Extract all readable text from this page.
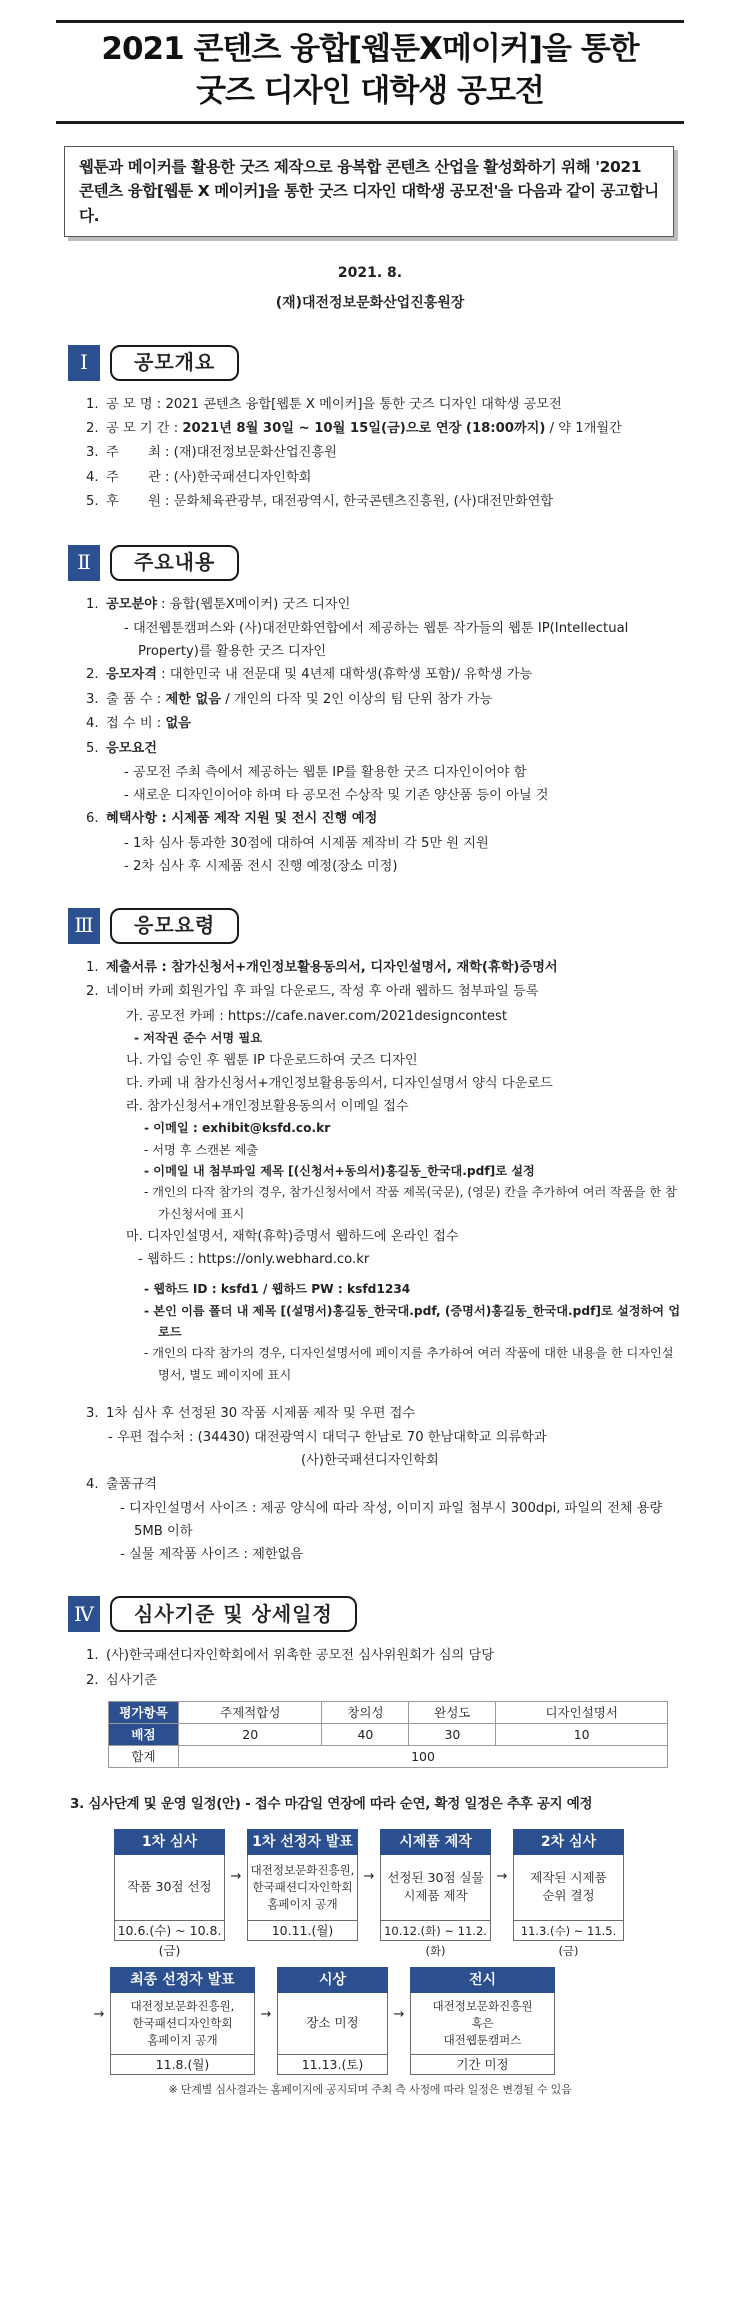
2021 콘텐츠 융합[웹툰X메이커]을 통한
굿즈 디자인 대학생 공모전
웹툰과 메이커를 활용한 굿즈 제작으로 융복합 콘텐츠 산업을 활성화하기 위해 '2021 콘텐츠 융합[웹툰 X 메이커]을 통한 굿즈 디자인 대학생 공모전'을 다음과 같이 공고합니다.
2021. 8.
(재)대전정보문화산업진흥원장
Ⅰ	공모개요
1. 공 모 명 : 2021 콘텐츠 융합[웹툰 X 메이커]을 통한 굿즈 디자인 대학생 공모전
2. 공 모 기 간 : 2021년 8월 30일 ~ 10월 15일(금)으로 연장 (18:00까지) / 약 1개월간
3. 주       최 : (재)대전정보문화산업진흥원
4. 주       관 : (사)한국패션디자인학회
5. 후       원 : 문화체육관광부, 대전광역시, 한국콘텐츠진흥원, (사)대전만화연합
Ⅱ	주요내용
1. 공모분야 : 융합(웹툰X메이커) 굿즈 디자인
- 대전웹툰캠퍼스와 (사)대전만화연합에서 제공하는 웹툰 작가들의 웹툰 IP(Intellectual Property)를 활용한 굿즈 디자인
2. 응모자격 : 대한민국 내 전문대 및 4년제 대학생(휴학생 포함)/ 유학생 가능
3. 출 품 수 : 제한 없음 / 개인의 다작 및 2인 이상의 팀 단위 참가 가능
4. 접 수 비 : 없음
5. 응모요건
- 공모전 주최 측에서 제공하는 웹툰 IP를 활용한 굿즈 디자인이어야 함
- 새로운 디자인이어야 하며 타 공모전 수상작 및 기존 양산품 등이 아닐 것
6. 혜택사항 : 시제품 제작 지원 및 전시 진행 예정
- 1차 심사 통과한 30점에 대하여 시제품 제작비 각 5만 원 지원
- 2차 심사 후 시제품 전시 진행 예정(장소 미정)
Ⅲ	응모요령
1. 제출서류 : 참가신청서+개인정보활용동의서, 디자인설명서, 재학(휴학)증명서
2. 네이버 카페 회원가입 후 파일 다운로드, 작성 후 아래 웹하드 첨부파일 등록
가. 공모전 카페 : https://cafe.naver.com/2021designcontest
- 저작권 준수 서명 필요
나. 가입 승인 후 웹툰 IP 다운로드하여 굿즈 디자인
다. 카페 내 참가신청서+개인정보활용동의서, 디자인설명서 양식 다운로드
라. 참가신청서+개인정보활용동의서 이메일 접수
- 이메일 : exhibit@ksfd.co.kr
- 서명 후 스캔본 제출
- 이메일 내 첨부파일 제목 [(신청서+동의서)홍길동_한국대.pdf]로 설정
- 개인의 다작 참가의 경우, 참가신청서에서 작품 제목(국문), (영문) 칸을 추가하여 여러 작품을 한 참가신청서에 표시
마. 디자인설명서, 재학(휴학)증명서 웹하드에 온라인 접수
- 웹하드 : https://only.webhard.co.kr
- 웹하드 ID : ksfd1 / 웹하드 PW : ksfd1234
- 본인 이름 폴더 내 제목 [(설명서)홍길동_한국대.pdf, (증명서)홍길동_한국대.pdf]로 설정하여 업로드
- 개인의 다작 참가의 경우, 디자인설명서에 페이지를 추가하여 여러 작품에 대한 내용을 한 디자인설명서, 별도 페이지에 표시
3. 1차 심사 후 선정된 30 작품 시제품 제작 및 우편 접수
- 우편 접수처 : (34430) 대전광역시 대덕구 한남로 70 한남대학교 의류학과
(사)한국패션디자인학회
4. 출품규격
- 디자인설명서 사이즈 : 제공 양식에 따라 작성, 이미지 파일 첨부시 300dpi, 파일의 전체 용량 5MB 이하
- 실물 제작품 사이즈 : 제한없음
Ⅳ	심사기준 및 상세일정
1. (사)한국패션디자인학회에서 위촉한 공모전 심사위원회가 심의 담당
2. 심사기준
평가항목	주제적합성	창의성	완성도	디자인설명서
배점	20	40	30	10
합계	100			
3. 심사단계 및 운영 일정(안) - 접수 마감일 연장에 따라 순연, 확정 일정은 추후 공지 예정
1차 심사
작품 30점 선정
10.6.(수) ~ 10.8.(금)
→
1차 선정자 발표
대전정보문화진흥원,
한국패션디자인학회
홈페이지 공개
10.11.(월)
→
시제품 제작
선정된 30점 실물
시제품 제작
10.12.(화) ~ 11.2.(화)
→
2차 심사
제작된 시제품
순위 결정
11.3.(수) ~ 11.5.(금)
→
최종 선정자 발표
대전정보문화진흥원,
한국패션디자인학회
홈페이지 공개
11.8.(월)
→
시상
장소 미정
11.13.(토)
→
전시
대전정보문화진흥원
혹은
대전웹툰캠퍼스
기간 미정
※ 단계별 심사결과는 홈페이지에 공지되며 주최 측 사정에 따라 일정은 변경될 수 있음
